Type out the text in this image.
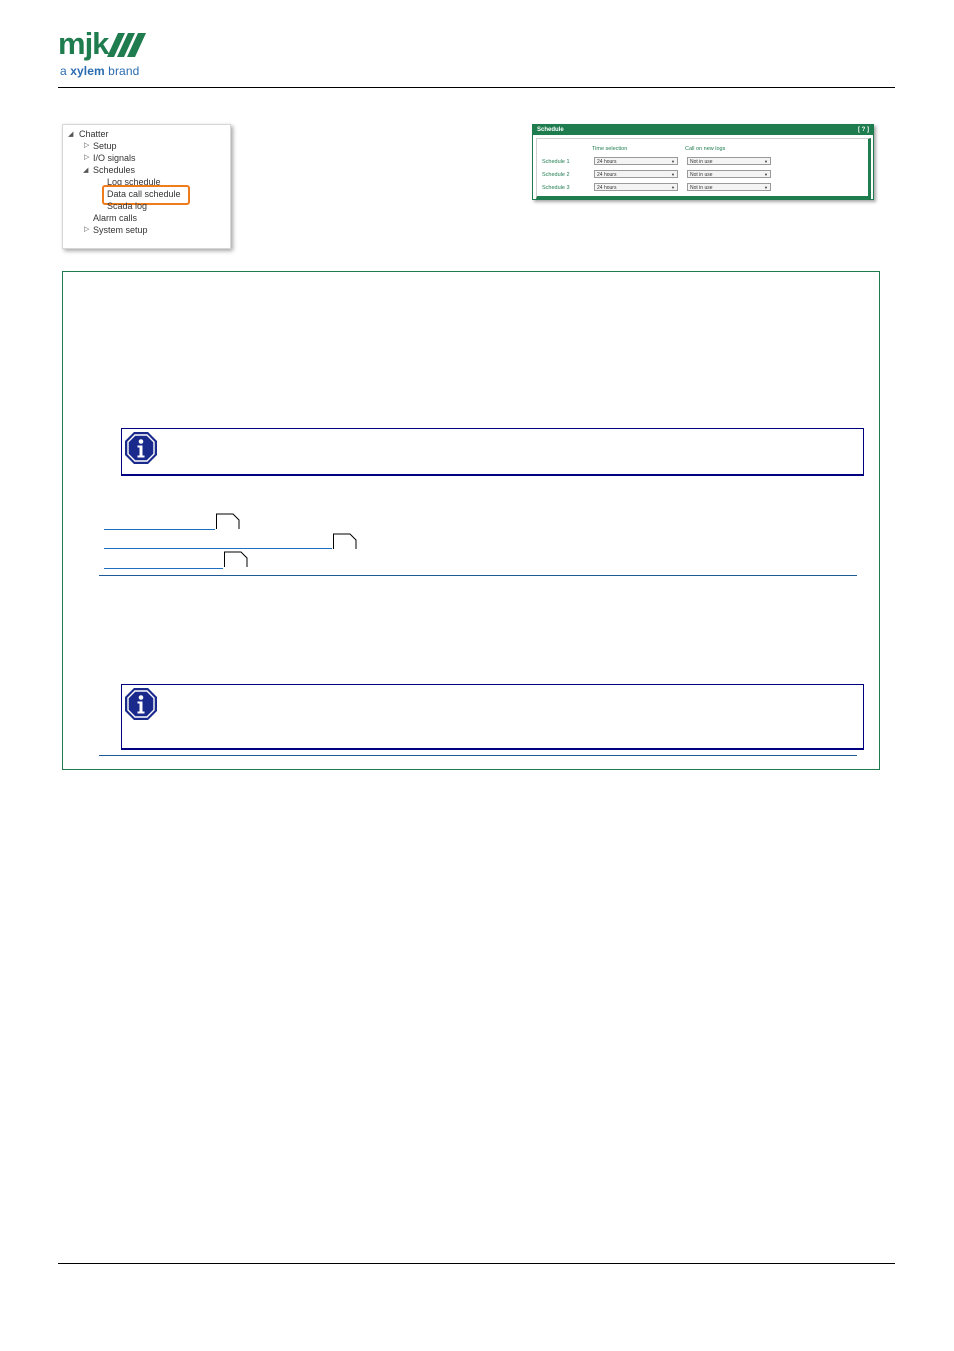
mjk
a xylem brand
◢ Chatter
▷ Setup
▷ I/O signals
◢ Schedules
Log schedule
Data call schedule
Scada log
Alarm calls
▷ System setup
Schedule	[ ? ]
Time selection	Call on new logs
Schedule 1	24 hours	▼	Not in use	▼
Schedule 2	24 hours	▼	Not in use	▼
Schedule 3	24 hours	▼	Not in use	▼
